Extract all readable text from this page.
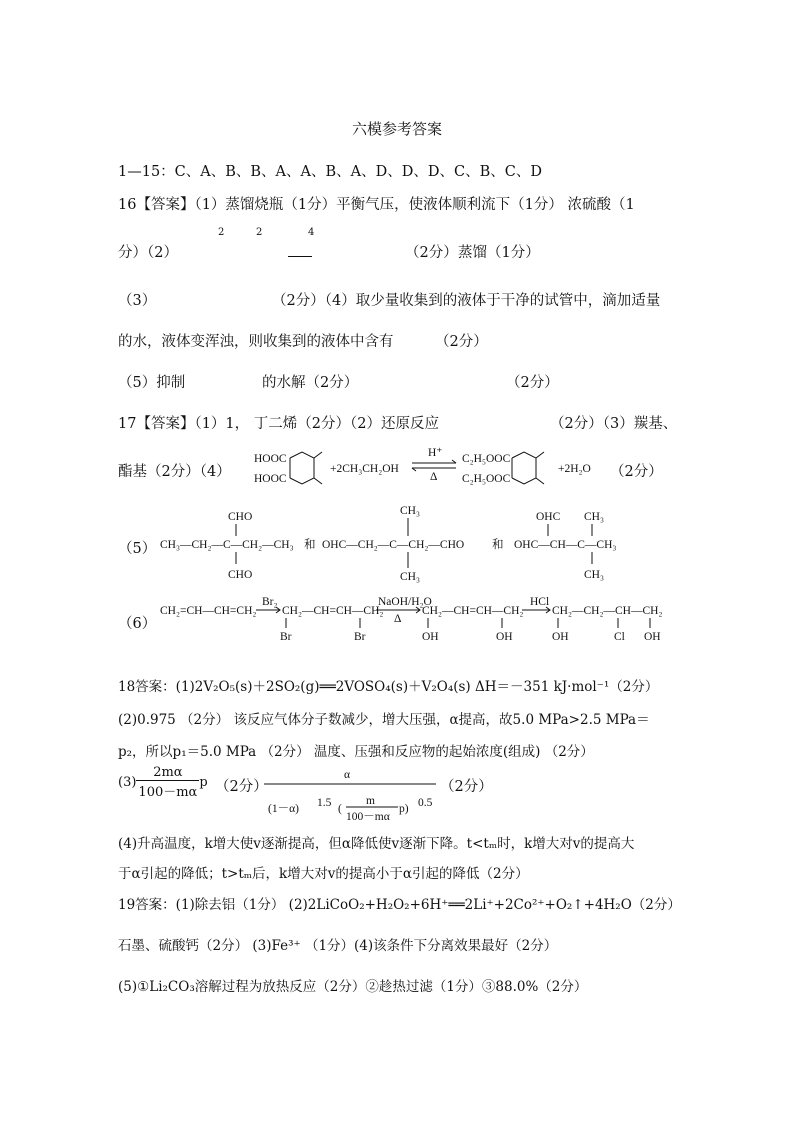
六模参考答案
1—15：C、A、B、B、A、A、B、A、D、D、D、C、B、C、D
16【答案】（1）蒸馏烧瓶（1分）平衡气压，使液体顺利流下（1分） 浓硫酸（1
分）（2）
2	2	4
（2分） 蒸馏（1分）
（3）	（2分）（4）取少量收集到的液体于干净的试管中，滴加适量
的水，液体变浑浊，则收集到的液体中含有	（2分）
（5）抑制	的水解（2分）	（2分）
17【答案】（1）1， 丁二烯（2分）（2）还原反应	（2分）（3）羰基、
酯基（2分）（4）	（2分）
HOOC
HOOC
+2CH₃CH₂OH
H⁺
Δ
C₂H₅OOC
C₂H₅OOC
+2H₂O
（5）
CHO
CH₃—CH₂—C—CH₂—CH₃
CHO
和
CH₃
OHC—CH₂—C—CH₂—CHO
CH₃
和
OHC CH₃
OHC—CH—C—CH₃
CH₃
（6）
CH₂=CH—CH=CH₂
Br₂
CH₂—CH=CH—CH₂
Br	Br
NaOH/H₂O
Δ
CH₂—CH=CH—CH₂
OH	OH
HCl
CH₂—CH₂—CH—CH₂
OH	Cl OH
18答案：(1)2V₂O₅(s)＋2SO₂(g)══2VOSO₄(s)＋V₂O₄(s) ΔH＝－351 kJ·mol⁻¹（2分）
(2)0.975 （2分） 该反应气体分子数减少，增大压强，α提高，故5.0 MPa>2.5 MPa＝
p₂，所以p₁＝5.0 MPa （2分） 温度、压强和反应物的起始浓度(组成) （2分）
$(3) \frac{2m\alpha}{100-m\alpha}$ p （2分）
α
(1－α) 1.5 (
m
100－mα
p) 0.5
（2分）
(4)升高温度，k增大使v逐渐提高，但α降低使v逐渐下降。t<tₘ时，k增大对v的提高大
于α引起的降低；t>tₘ后，k增大对v的提高小于α引起的降低（2分）
19答案：(1)除去铝（1分） (2)2LiCoO₂+H₂O₂+6H⁺══2Li⁺+2Co²⁺+O₂↑+4H₂O（2分）
石墨、硫酸钙（2分） (3)Fe³⁺ （1分）(4)该条件下分离效果最好（2分）
(5)①Li₂CO₃溶解过程为放热反应（2分）②趁热过滤（1分）③88.0%（2分）
